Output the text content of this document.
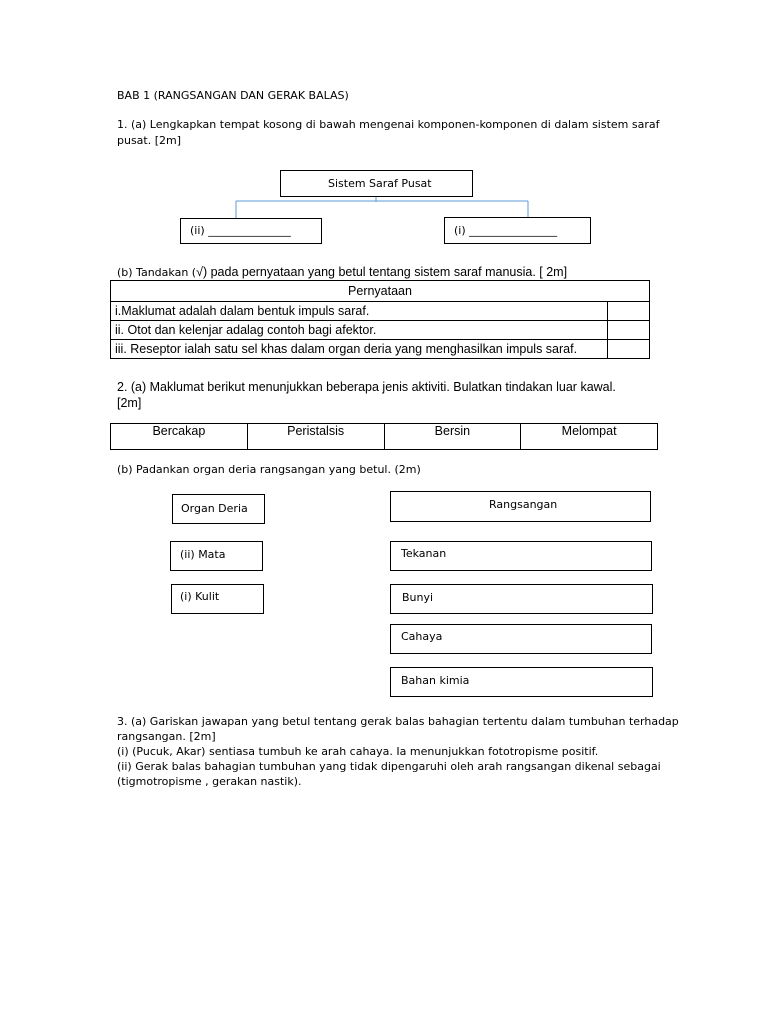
BAB 1 (RANGSANGAN DAN GERAK BALAS)
1. (a) Lengkapkan tempat kosong di bawah mengenai komponen-komponen di dalam sistem saraf
pusat. [2m]
Sistem Saraf Pusat
(ii) _______________	(i) ________________
(b) Tandakan (√) pada pernyataan yang betul tentang sistem saraf manusia. [ 2m]
Pernyataan	
i.Maklumat adalah dalam bentuk impuls saraf.	
ii. Otot dan kelenjar adalag contoh bagi afektor.	
iii. Reseptor ialah satu sel khas dalam organ deria yang menghasilkan impuls saraf.	
2. (a) Maklumat berikut menunjukkan beberapa jenis aktiviti. Bulatkan tindakan luar kawal.
[2m]
Bercakap	Peristalsis	Bersin	Melompat
(b) Padankan organ deria rangsangan yang betul. (2m)
Organ Deria
(ii) Mata
(i) Kulit
Rangsangan
Tekanan
Bunyi
Cahaya
Bahan kimia
3. (a) Gariskan jawapan yang betul tentang gerak balas bahagian tertentu dalam tumbuhan terhadap
rangsangan. [2m]
(i) (Pucuk, Akar) sentiasa tumbuh ke arah cahaya. Ia menunjukkan fototropisme positif.
(ii) Gerak balas bahagian tumbuhan yang tidak dipengaruhi oleh arah rangsangan dikenal sebagai
(tigmotropisme , gerakan nastik).
